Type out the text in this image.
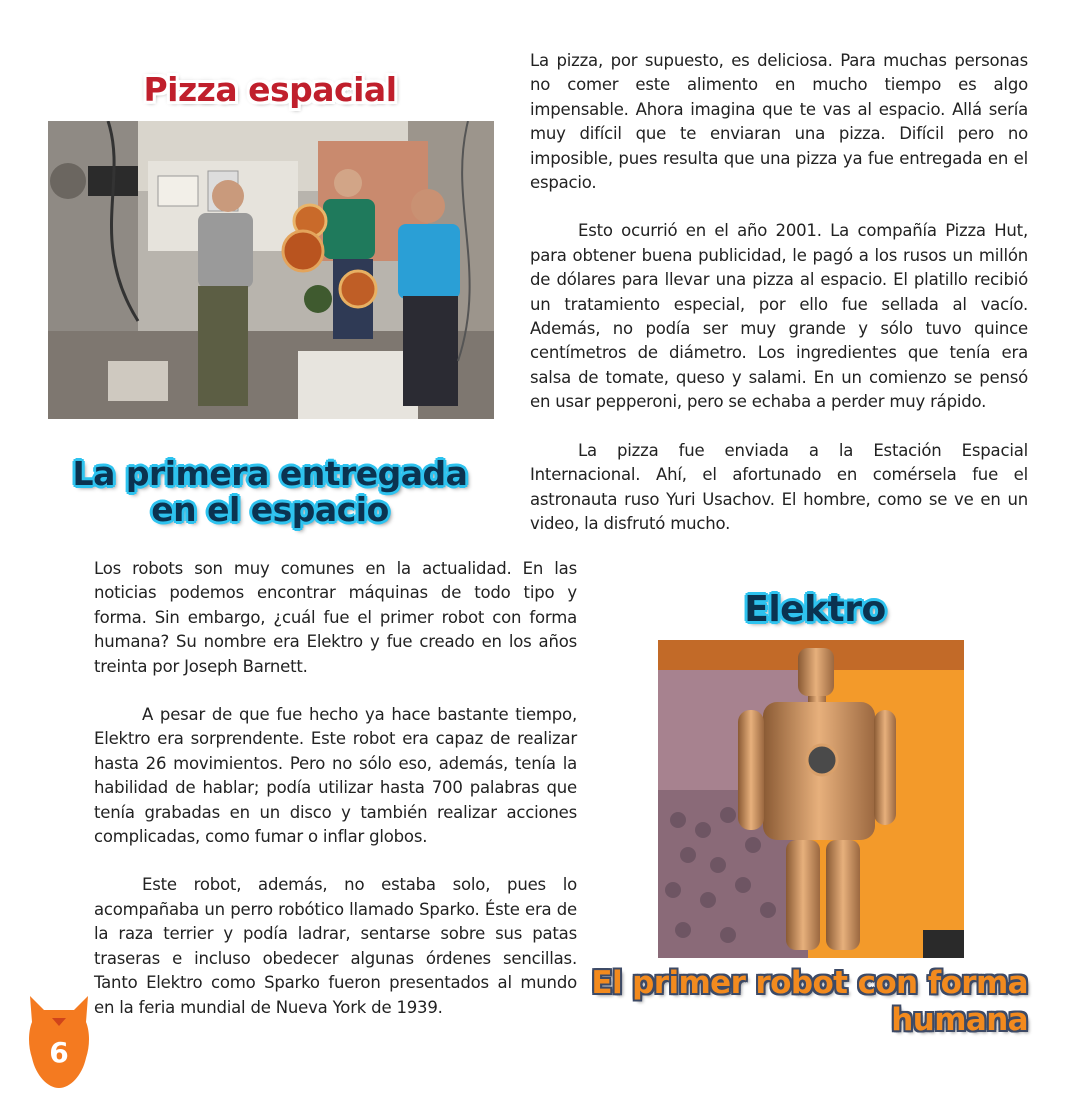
Pizza espacial
La primera entregada
en el espacio

La pizza, por supuesto, es deliciosa. Para muchas personas no comer este alimento en mucho tiempo es algo impensable. Ahora imagina que te vas al espacio. Allá sería muy difícil que te enviaran una pizza. Difícil pero no imposible, pues resulta que una pizza ya fue entregada en el espacio.

Esto ocurrió en el año 2001. La compañía Pizza Hut, para obtener buena publicidad, le pagó a los rusos un millón de dólares para llevar una pizza al espacio. El platillo recibió un tratamiento especial, por ello fue sellada al vacío. Además, no podía ser muy grande y sólo tuvo quince centímetros de diámetro. Los ingredientes que tenía era salsa de tomate, queso y salami. En un comienzo se pensó en usar pepperoni, pero se echaba a perder muy rápido.

La pizza fue enviada a la Estación Espacial Internacional. Ahí, el afortunado en comérsela fue el astronauta ruso Yuri Usachov. El hombre, como se ve en un video, la disfrutó mucho.

Los robots son muy comunes en la actualidad. En las noticias podemos encontrar máquinas de todo tipo y forma. Sin embargo, ¿cuál fue el primer robot con forma humana? Su nombre era Elektro y fue creado en los años treinta por Joseph Barnett.

A pesar de que fue hecho ya hace bastante tiempo, Elektro era sorprendente. Este robot era capaz de realizar hasta 26 movimientos. Pero no sólo eso, además, tenía la habilidad de hablar; podía utilizar hasta 700 palabras que tenía grabadas en un disco y también realizar acciones complicadas, como fumar o inflar globos.

Este robot, además, no estaba solo, pues lo acompañaba un perro robótico llamado Sparko. Éste era de la raza terrier y podía ladrar, sentarse sobre sus patas traseras e incluso obedecer algunas órdenes sencillas. Tanto Elektro como Sparko fueron presentados al mundo en la feria mundial de Nueva York de 1939.

Elektro
El primer robot con forma
humana
6
